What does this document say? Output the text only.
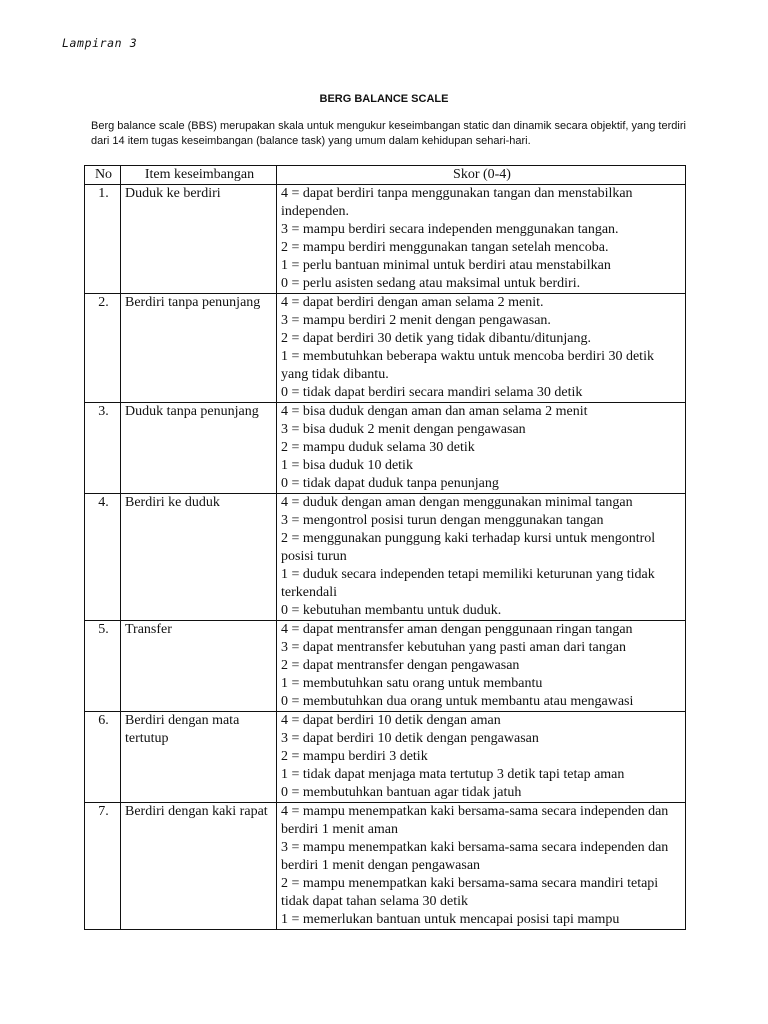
Lampiran 3
BERG BALANCE SCALE
Berg balance scale (BBS) merupakan skala untuk mengukur keseimbangan static dan dinamik secara objektif, yang terdiri dari 14 item tugas keseimbangan (balance task) yang umum dalam kehidupan sehari-hari.
No	Item keseimbangan	Skor (0-4)
1.	Duduk ke berdiri	4 = dapat berdiri tanpa menggunakan tangan dan menstabilkan independen.
3 = mampu berdiri secara independen menggunakan tangan.
2 = mampu berdiri menggunakan tangan setelah mencoba.
1 = perlu bantuan minimal untuk berdiri atau menstabilkan
0 = perlu asisten sedang atau maksimal untuk berdiri.

2.	Berdiri tanpa penunjang	4 = dapat berdiri dengan aman selama 2 menit.
3 = mampu berdiri 2 menit dengan pengawasan.
2 = dapat berdiri 30 detik yang tidak dibantu/ditunjang.
1 = membutuhkan beberapa waktu untuk mencoba berdiri 30 detik yang tidak dibantu.
0 = tidak dapat berdiri secara mandiri selama 30 detik

3.	Duduk tanpa penunjang	4 = bisa duduk dengan aman dan aman selama 2 menit
3 = bisa duduk 2 menit dengan pengawasan
2 = mampu duduk selama 30 detik
1 = bisa duduk 10 detik
0 = tidak dapat duduk tanpa penunjang

4.	Berdiri ke duduk	4 = duduk dengan aman dengan menggunakan minimal tangan
3 = mengontrol posisi turun dengan menggunakan tangan
2 = menggunakan punggung kaki terhadap kursi untuk mengontrol posisi turun
1 = duduk secara independen tetapi memiliki keturunan yang tidak terkendali
0 = kebutuhan membantu untuk duduk.

5.	Transfer	4 = dapat mentransfer aman dengan penggunaan ringan tangan
3 = dapat mentransfer kebutuhan yang pasti aman dari tangan
2 = dapat mentransfer dengan pengawasan
1 = membutuhkan satu orang untuk membantu
0 = membutuhkan dua orang untuk membantu atau mengawasi

6.	Berdiri dengan mata tertutup	4 = dapat berdiri 10 detik dengan aman
3 = dapat berdiri 10 detik dengan pengawasan
2 = mampu berdiri 3 detik
1 = tidak dapat menjaga mata tertutup 3 detik tapi tetap aman
0 = membutuhkan bantuan agar tidak jatuh

7.	Berdiri dengan kaki rapat	4 = mampu menempatkan kaki bersama-sama secara independen dan berdiri 1 menit aman
3 = mampu menempatkan kaki bersama-sama secara independen dan berdiri 1 menit dengan pengawasan
2 = mampu menempatkan kaki bersama-sama secara mandiri tetapi tidak dapat tahan selama 30 detik
1 = memerlukan bantuan untuk mencapai posisi tapi mampu
